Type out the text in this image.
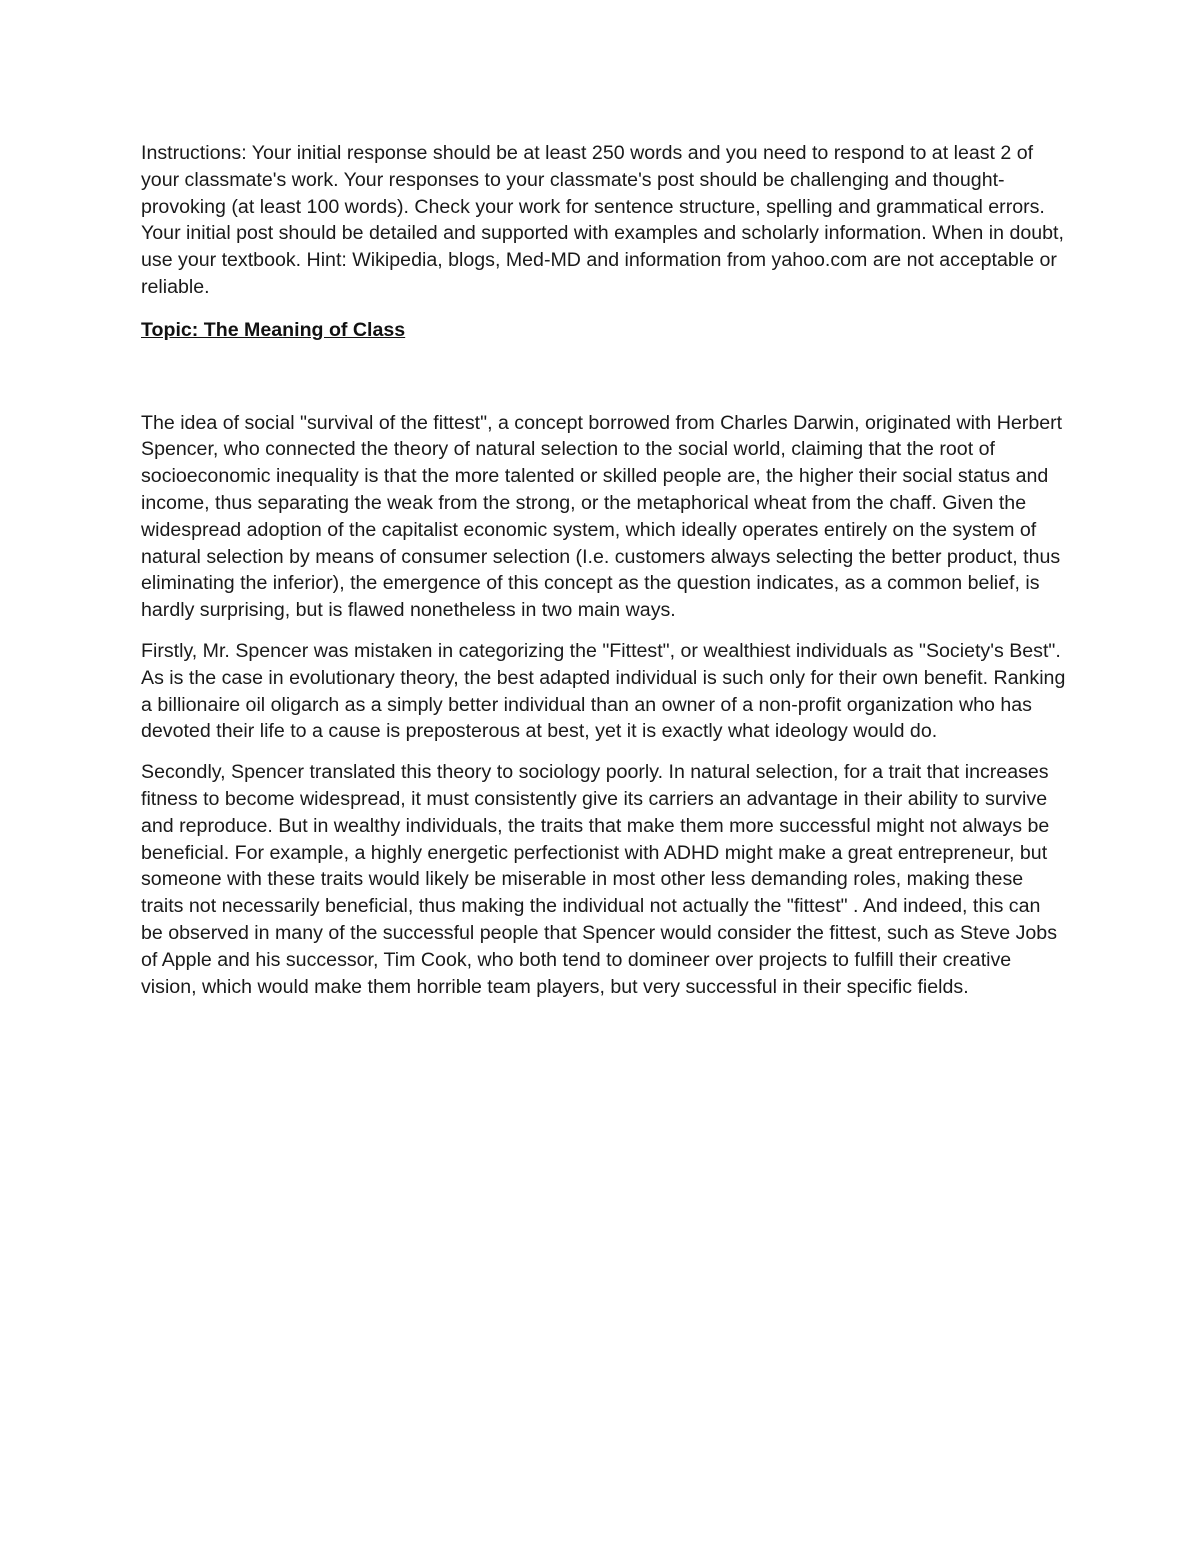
Instructions: Your initial response should be at least 250 words and you need to respond to at least 2 of your classmate's work. Your responses to your classmate's post should be challenging and thought-provoking (at least 100 words). Check your work for sentence structure, spelling and grammatical errors. Your initial post should be detailed and supported with examples and scholarly information. When in doubt, use your textbook. Hint: Wikipedia, blogs, Med-MD and information from yahoo.com are not acceptable or reliable.

Topic: The Meaning of Class

The idea of social "survival of the fittest", a concept borrowed from Charles Darwin, originated with Herbert Spencer, who connected the theory of natural selection to the social world, claiming that the root of socioeconomic inequality is that the more talented or skilled people are, the higher their social status and income, thus separating the weak from the strong, or the metaphorical wheat from the chaff. Given the widespread adoption of the capitalist economic system, which ideally operates entirely on the system of natural selection by means of consumer selection (I.e. customers always selecting the better product, thus eliminating the inferior), the emergence of this concept as the question indicates, as a common belief, is hardly surprising, but is flawed nonetheless in two main ways.

Firstly, Mr. Spencer was mistaken in categorizing the "Fittest", or wealthiest individuals as "Society's Best". As is the case in evolutionary theory, the best adapted individual is such only for their own benefit. Ranking a billionaire oil oligarch as a simply better individual than an owner of a non-profit organization who has devoted their life to a cause is preposterous at best, yet it is exactly what ideology would do.

Secondly, Spencer translated this theory to sociology poorly. In natural selection, for a trait that increases fitness to become widespread, it must consistently give its carriers an advantage in their ability to survive and reproduce. But in wealthy individuals, the traits that make them more successful might not always be beneficial. For example, a highly energetic perfectionist with ADHD might make a great entrepreneur, but someone with these traits would likely be miserable in most other less demanding roles, making these traits not necessarily beneficial, thus making the individual not actually the "fittest" . And indeed, this can be observed in many of the successful people that Spencer would consider the fittest, such as Steve Jobs of Apple and his successor, Tim Cook, who both tend to domineer over projects to fulfill their creative vision, which would make them horrible team players, but very successful in their specific fields.
